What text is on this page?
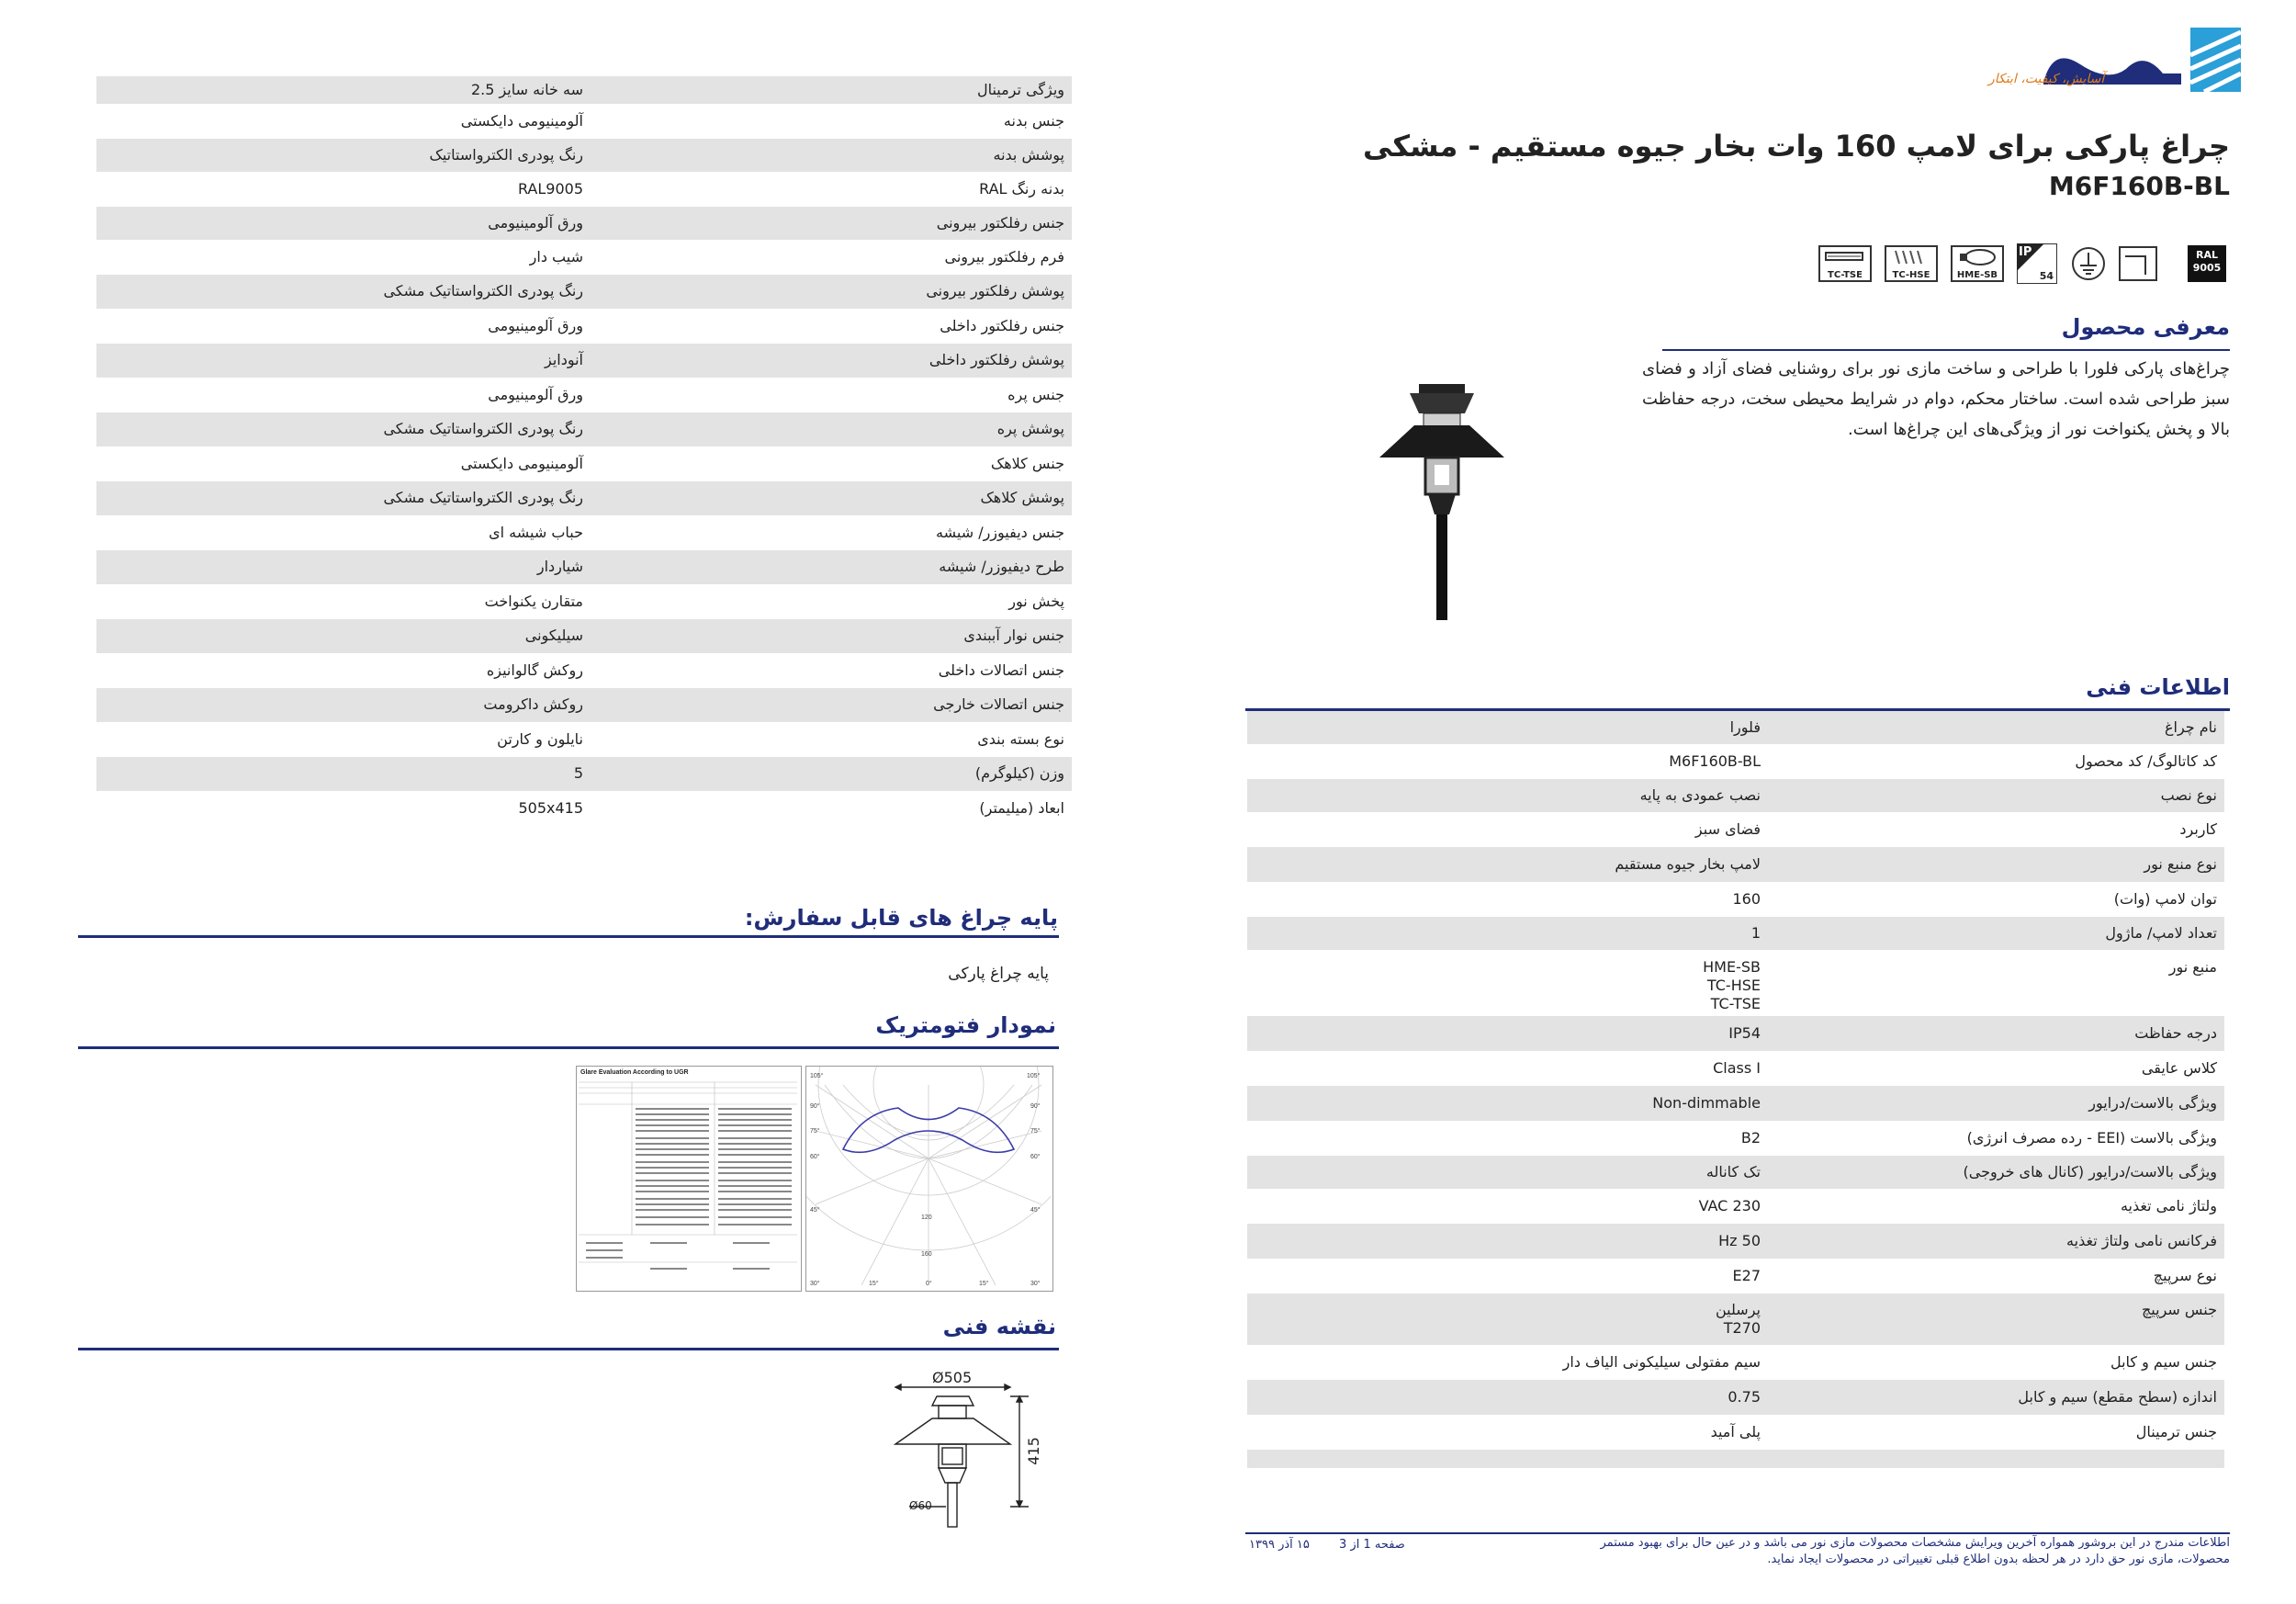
آسایش، کیفیت، ابتکار
چراغ پارکی برای لامپ 160 وات بخار جیوه مستقیم - مشکی
M6F160B-BL
TC-TSE	TC-HSE	HME-SB
IP
54
RAL
9005
معرفی محصول
چراغ‌های پارکی فلورا با طراحی و ساخت مازی نور برای روشنایی فضای آزاد و فضای سبز طراحی شده است. ساختار محکم، دوام در شرایط محیطی سخت، درجه حفاظت بالا و پخش یکنواخت نور از ویژگی‌های این چراغ‌ها است.
اطلاعات فنی
نام چراغ
فلورا
کد کاتالوگ/ کد محصول
M6F160B-BL
نوع نصب
نصب عمودی به پایه
کاربرد
فضای سبز
نوع منبع نور
لامپ بخار جیوه مستقیم
توان لامپ (وات)
160
تعداد لامپ/ ماژول
1
منبع نور
HME-SB
TC-HSE
TC-TSE
درجه حفاظت
IP54
کلاس عایقی
Class I
ویژگی بالاست/درایور
Non-dimmable
ویژگی بالاست (EEI - رده مصرف انرژی)
B2
ویژگی بالاست/درایور (کانال های خروجی)
تک کاناله
ولتاژ نامی تغذیه
230 VAC
فرکانس نامی ولتاژ تغذیه
50 Hz
نوع سرپیچ
E27
جنس سرپیچ
پرسلین
T270
جنس سیم و کابل
سیم مفتولی سیلیکونی الیاف دار
اندازه (سطح مقطع) سیم و کابل
0.75
جنس ترمینال
پلی آمید
اطلاعات مندرج در این بروشور همواره آخرین ویرایش مشخصات محصولات مازی نور می باشد و در عین حال برای بهبود مستمر
محصولات، مازی نور حق دارد در هر لحظه بدون اطلاع قبلی تغییراتی در محصولات ایجاد نماید.
صفحه 1 از 3
۱۵ آذر ۱۳۹۹
ویژگی ترمینال
سه خانه سایز 2.5
جنس بدنه
آلومینیومی دایکستی
پوشش بدنه
رنگ پودری الکترواستاتیک
بدنه رنگ RAL
RAL9005
جنس رفلکتور بیرونی
ورق آلومینیومی
فرم رفلکتور بیرونی
شیب دار
پوشش رفلکتور بیرونی
رنگ پودری الکترواستاتیک مشکی
جنس رفلکتور داخلی
ورق آلومینیومی
پوشش رفلکتور داخلی
آنودایز
جنس پره
ورق آلومینیومی
پوشش پره
رنگ پودری الکترواستاتیک مشکی
جنس کلاهک
آلومینیومی دایکستی
پوشش کلاهک
رنگ پودری الکترواستاتیک مشکی
جنس دیفیوزر/ شیشه
حباب شیشه ای
طرح دیفیوزر/ شیشه
شیاردار
پخش نور
متقارن یکنواخت
جنس نوار آببندی
سیلیکونی
جنس اتصالات داخلی
روکش گالوانیزه
جنس اتصالات خارجی
روکش داکرومت
نوع بسته بندی
نایلون و کارتن
وزن (کیلوگرم)
5
ابعاد (میلیمتر)
505x415
پایه چراغ های قابل سفارش:
پایه چراغ پارکی
نمودار فتومتریک
Glare Evaluation According to UGR
105°	105°
90°	90°
75°	75°
60°	60°
45°	45°
120
160
30°	15°	0°	15°	30°
نقشه فنی
Ø505
415
Ø60
